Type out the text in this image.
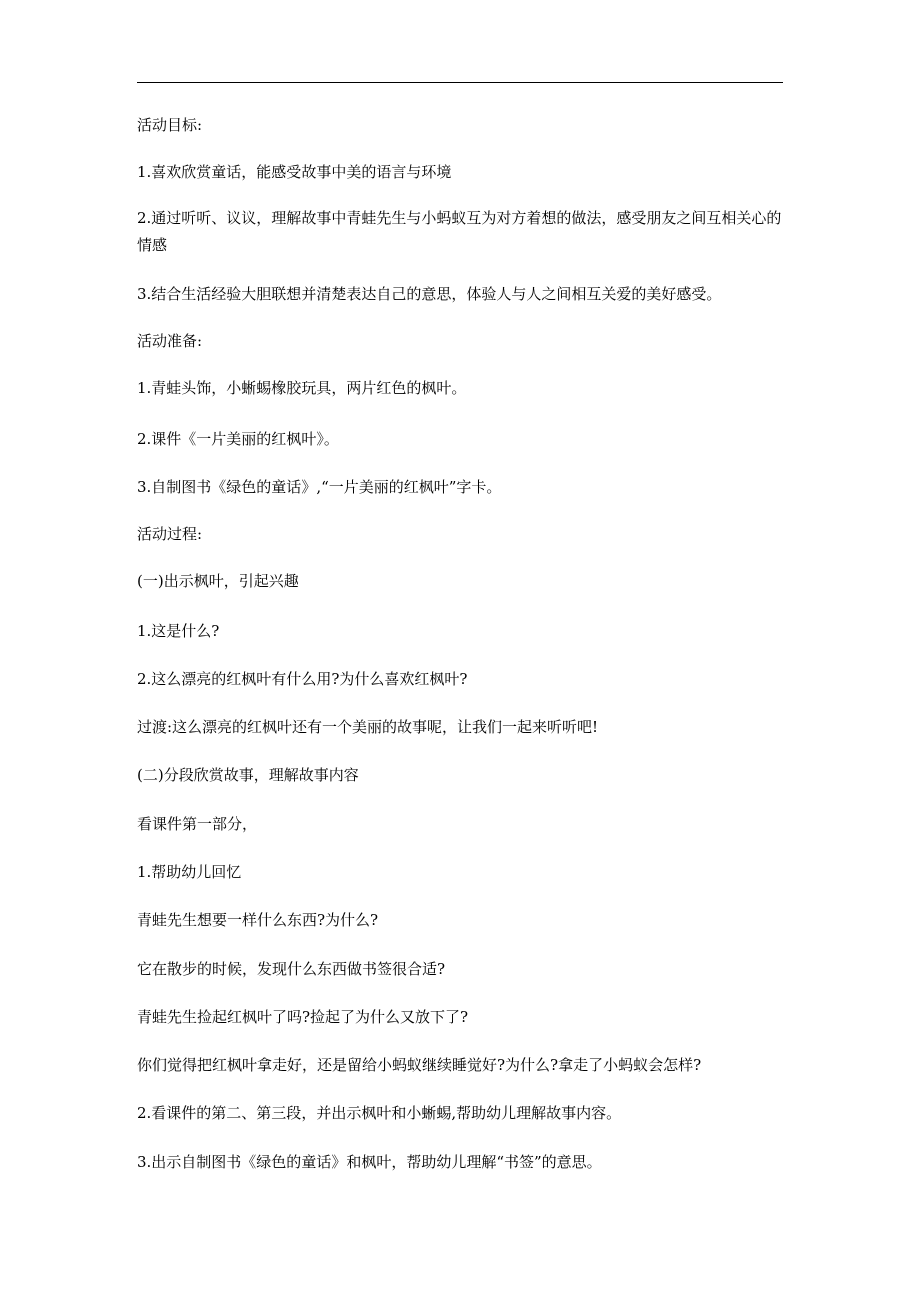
活动目标:
1.喜欢欣赏童话，能感受故事中美的语言与环境
2.通过听听、议议，理解故事中青蛙先生与小蚂蚁互为对方着想的做法，感受朋友之间互相关心的情感
3.结合生活经验大胆联想并清楚表达自己的意思，体验人与人之间相互关爱的美好感受。
活动准备:
1.青蛙头饰，小蜥蜴橡胶玩具，两片红色的枫叶。
2.课件《一片美丽的红枫叶》。
3.自制图书《绿色的童话》,“一片美丽的红枫叶”字卡。
活动过程:
(一)出示枫叶，引起兴趣
1.这是什么?
2.这么漂亮的红枫叶有什么用?为什么喜欢红枫叶?
过渡:这么漂亮的红枫叶还有一个美丽的故事呢，让我们一起来听听吧!
(二)分段欣赏故事，理解故事内容
看课件第一部分，
1.帮助幼儿回忆
青蛙先生想要一样什么东西?为什么?
它在散步的时候，发现什么东西做书签很合适?
青蛙先生捡起红枫叶了吗?捡起了为什么又放下了?
你们觉得把红枫叶拿走好，还是留给小蚂蚁继续睡觉好?为什么?拿走了小蚂蚁会怎样?
2.看课件的第二、第三段，并出示枫叶和小蜥蜴,帮助幼儿理解故事内容。
3.出示自制图书《绿色的童话》和枫叶，帮助幼儿理解“书签”的意思。
